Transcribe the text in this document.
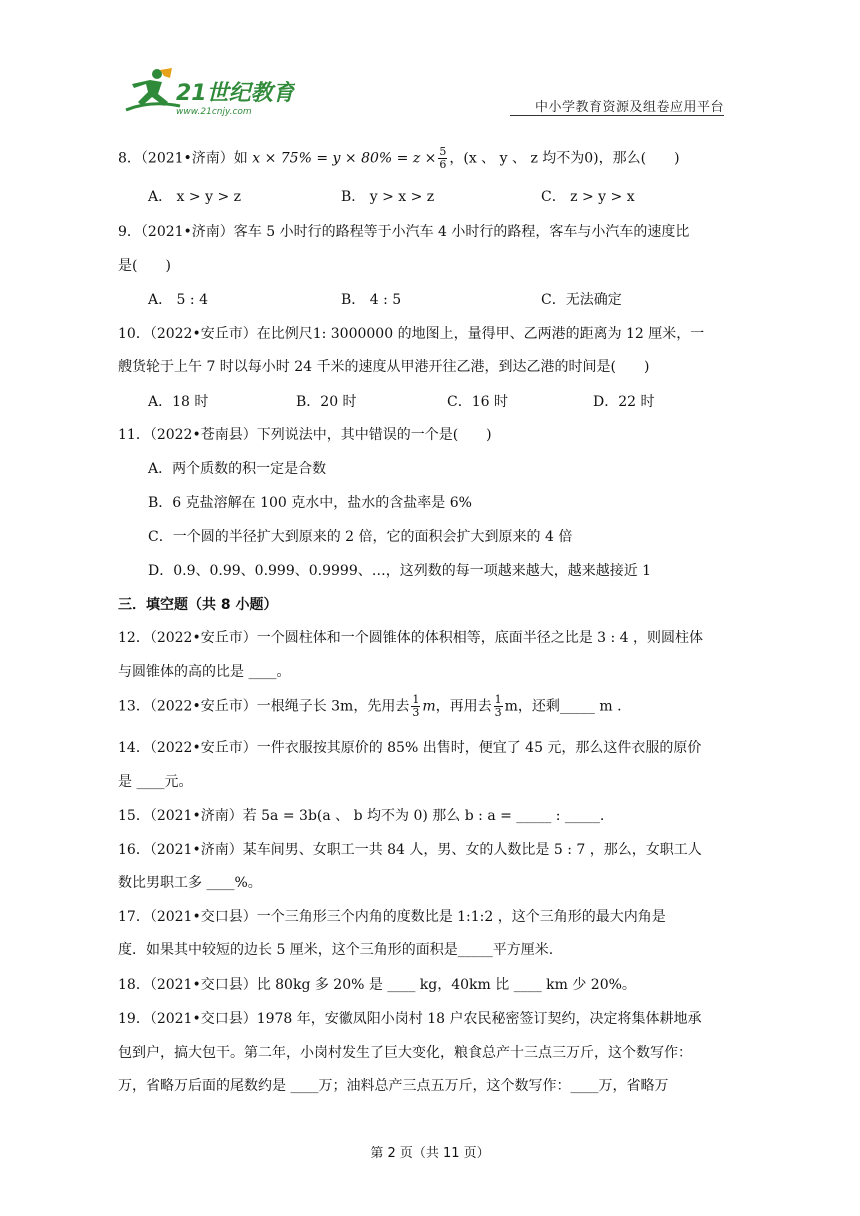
21世纪教育
www.21cnjy.com	中小学教育资源及组卷应用平台
8．（2021•济南）如 $x \times 75\% = y \times 80\% = z \times \frac{5}{6}$ ，(x 、 y 、 z 均不为0)，那么(　　)
A． x > y > z	B． y > x > z	C． z > y > x
9．（2021•济南）客车 5 小时行的路程等于小汽车 4 小时行的路程，客车与小汽车的速度比
是(　　)
A． 5 : 4	B． 4 : 5	C．无法确定
10．（2022•安丘市）在比例尺1: 3000000 的地图上，量得甲、乙两港的距离为 12 厘米，一
艘货轮于上午 7 时以每小时 24 千米的速度从甲港开往乙港，到达乙港的时间是(　　)
A．18 时	B．20 时	C．16 时	D．22 时
11．（2022•苍南县）下列说法中，其中错误的一个是(　　)
A．两个质数的积一定是合数
B．6 克盐溶解在 100 克水中，盐水的含盐率是 6%
C．一个圆的半径扩大到原来的 2 倍，它的面积会扩大到原来的 4 倍
D．0.9、0.99、0.999、0.9999、…，这列数的每一项越来越大，越来越接近 1
三．填空题（共 8 小题）
12．（2022•安丘市）一个圆柱体和一个圆锥体的体积相等，底面半径之比是 3 : 4 ，则圆柱体
与圆锥体的高的比是 ____。
13．（2022•安丘市）一根绳子长 3m，先用去 $\frac{1}{3}$ m，再用去 $\frac{1}{3}$ m，还剩_____ m .
14．（2022•安丘市）一件衣服按其原价的 85% 出售时，便宜了 45 元，那么这件衣服的原价
是 ____元。
15．（2021•济南）若 5a = 3b(a 、 b 均不为 0) 那么 b : a = _____ : _____.
16．（2021•济南）某车间男、女职工一共 84 人，男、女的人数比是 5 : 7 ，那么，女职工人
数比男职工多 ____%。
17．（2021•交口县）一个三角形三个内角的度数比是 1:1:2 ，这个三角形的最大内角是
度．如果其中较短的边长 5 厘米，这个三角形的面积是_____平方厘米.
18．（2021•交口县）比 80kg 多 20% 是 ____ kg，40km 比 ____ km 少 20%。
19．（2021•交口县）1978 年，安徽凤阳小岗村 18 户农民秘密签订契约，决定将集体耕地承
包到户，搞大包干。第二年，小岗村发生了巨大变化，粮食总产十三点三万斤，这个数写作：
万，省略万后面的尾数约是 ____万；油料总产三点五万斤，这个数写作：____万，省略万
第 2 页（共 11 页）
